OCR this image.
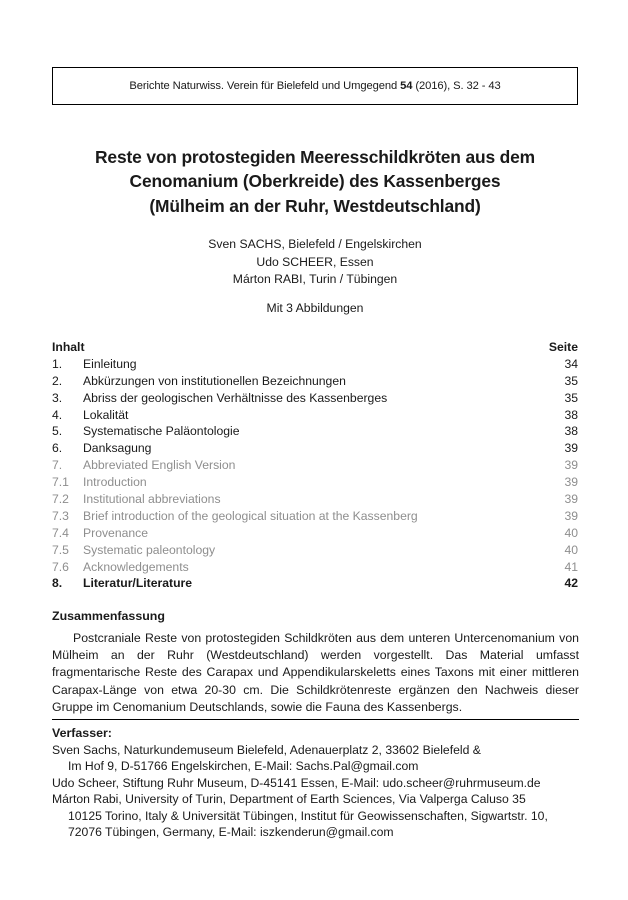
Berichte Naturwiss. Verein für Bielefeld und Umgegend 54 (2016), S. 32 - 43
Reste von protostegiden Meeresschildkröten aus dem
Cenomanium (Oberkreide) des Kassenberges
(Mülheim an der Ruhr, Westdeutschland)
Sven SACHS, Bielefeld / Engelskirchen
Udo SCHEER, Essen
Márton RABI, Turin / Tübingen
Mit 3 Abbildungen
Inhalt	Seite
1.	Einleitung	34
2.	Abkürzungen von institutionellen Bezeichnungen	35
3.	Abriss der geologischen Verhältnisse des Kassenberges	35
4.	Lokalität	38
5.	Systematische Paläontologie	38
6.	Danksagung	39
7.	Abbreviated English Version	39
7.1	Introduction	39
7.2	Institutional abbreviations	39
7.3	Brief introduction of the geological situation at the Kassenberg	39
7.4	Provenance	40
7.5	Systematic paleontology	40
7.6	Acknowledgements	41
8.	Literatur/Literature	42
Zusammenfassung
Postcraniale Reste von protostegiden Schildkröten aus dem unteren Untercenomanium von Mülheim an der Ruhr (Westdeutschland) werden vorgestellt. Das Material umfasst fragmentarische Reste des Carapax und Appendikularskeletts eines Taxons mit einer mittleren Carapax-Länge von etwa 20-30 cm. Die Schildkrötenreste ergänzen den Nachweis dieser Gruppe im Cenomanium Deutschlands, sowie die Fauna des Kassenbergs.
Verfasser:
Sven Sachs, Naturkundemuseum Bielefeld, Adenauerplatz 2, 33602 Bielefeld &
Im Hof 9, D-51766 Engelskirchen, E-Mail: Sachs.Pal@gmail.com
Udo Scheer, Stiftung Ruhr Museum, D-45141 Essen, E-Mail: udo.scheer@ruhrmuseum.de
Márton Rabi, University of Turin, Department of Earth Sciences, Via Valperga Caluso 35
10125 Torino, Italy & Universität Tübingen, Institut für Geowissenschaften, Sigwartstr. 10,
72076 Tübingen, Germany, E-Mail: iszkenderun@gmail.com
